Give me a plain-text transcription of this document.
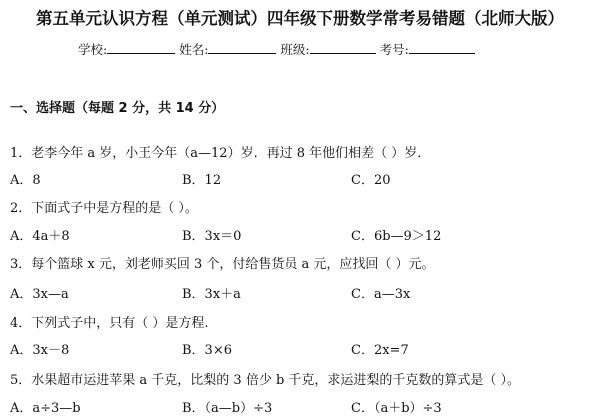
第五单元认识方程（单元测试）四年级下册数学常考易错题（北师大版）
学校:	姓名:	班级:	考号:
一、选择题（每题 2 分，共 14 分）
1．老李今年 a 岁，小王今年（a—12）岁．再过 8 年他们相差（ ）岁．
A．8	B．12	C．20
2．下面式子中是方程的是（ ）。
A．4a＋8	B．3x＝0	C．6b—9＞12
3．每个篮球 x 元，刘老师买回 3 个，付给售货员 a 元，应找回（ ）元。
A．3x—a	B．3x＋a	C．a—3x
4．下列式子中，只有（ ）是方程.
A．3x－8	B．3×6	C．2x=7
5．水果超市运进苹果 a 千克，比梨的 3 倍少 b 千克，求运进梨的千克数的算式是（ ）。
A．a÷3—b	B．（a—b）÷3	C．（a＋b）÷3
